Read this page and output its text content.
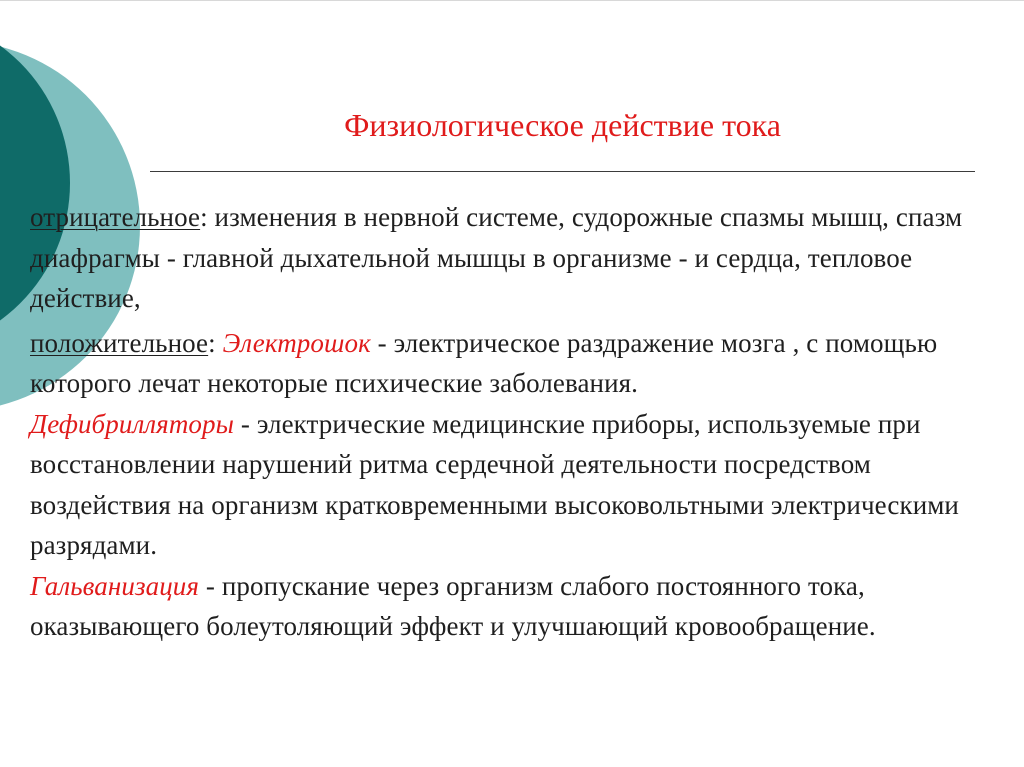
Физиологическое действие тока

отрицательное: изменения в нервной системе, судорожные спазмы мышц, спазм диафрагмы - главной дыхательной мышцы в организме - и сердца, тепловое действие,

положительное: Электрошок - электрическое раздражение мозга , с помощью которого лечат некоторые психические заболевания.

Дефибрилляторы - электрические медицинские приборы, используемые при восстановлении нарушений ритма сердечной деятельности посредством воздействия на организм кратковременными высоковольтными электрическими разрядами.

Гальванизация - пропускание через организм слабого постоянного тока, оказывающего болеутоляющий эффект и улучшающий кровообращение.
